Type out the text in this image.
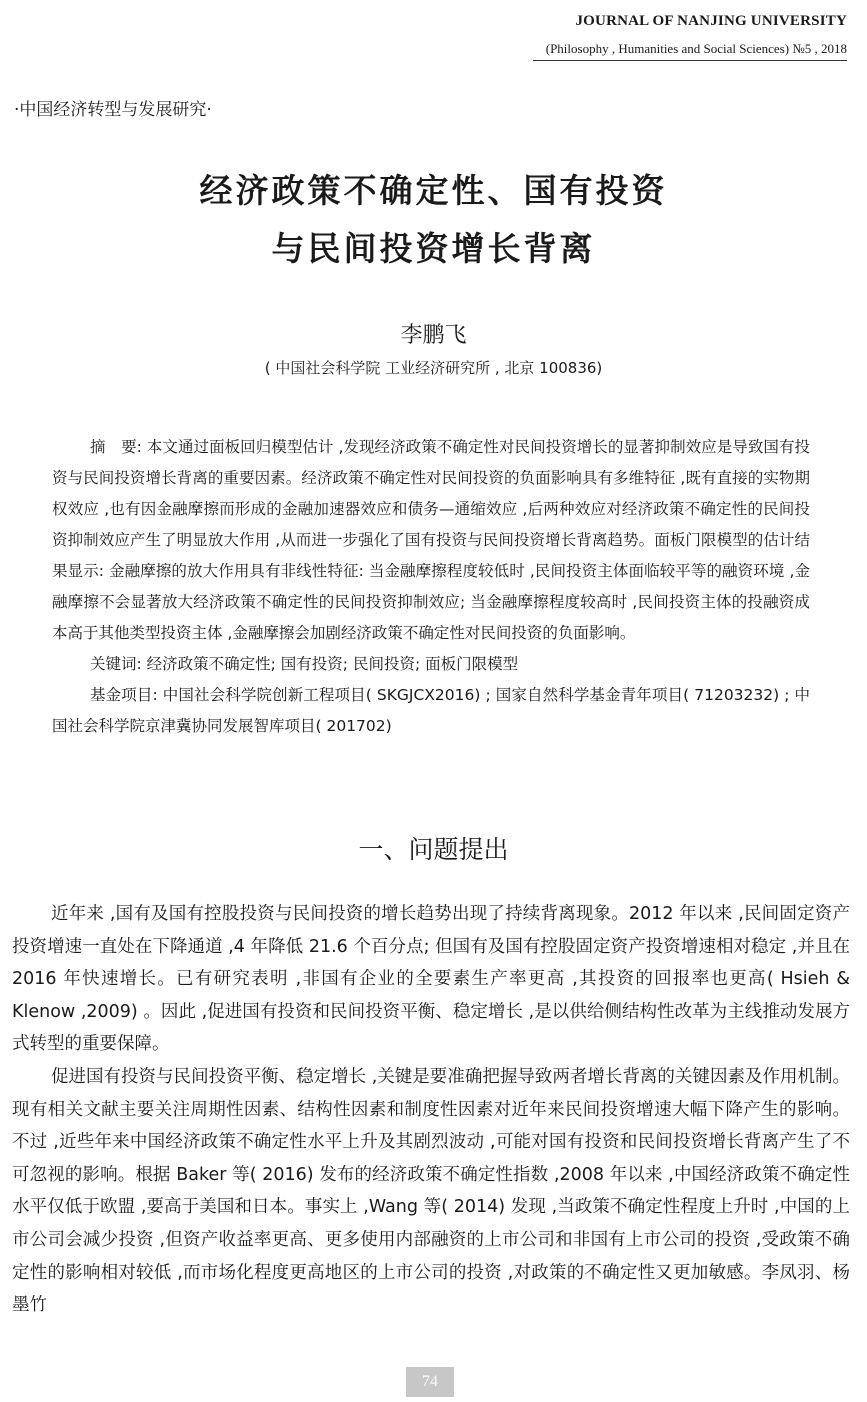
JOURNAL OF NANJING UNIVERSITY
(Philosophy , Humanities and Social Sciences) №5 , 2018
·中国经济转型与发展研究·
经济政策不确定性、国有投资
与民间投资增长背离
李鹏飞
( 中国社会科学院 工业经济研究所 , 北京 100836)

摘　要: 本文通过面板回归模型估计 ,发现经济政策不确定性对民间投资增长的显著抑制效应是导致国有投资与民间投资增长背离的重要因素。经济政策不确定性对民间投资的负面影响具有多维特征 ,既有直接的实物期权效应 ,也有因金融摩擦而形成的金融加速器效应和债务—通缩效应 ,后两种效应对经济政策不确定性的民间投资抑制效应产生了明显放大作用 ,从而进一步强化了国有投资与民间投资增长背离趋势。面板门限模型的估计结果显示: 金融摩擦的放大作用具有非线性特征: 当金融摩擦程度较低时 ,民间投资主体面临较平等的融资环境 ,金融摩擦不会显著放大经济政策不确定性的民间投资抑制效应; 当金融摩擦程度较高时 ,民间投资主体的投融资成本高于其他类型投资主体 ,金融摩擦会加剧经济政策不确定性对民间投资的负面影响。

关键词: 经济政策不确定性; 国有投资; 民间投资; 面板门限模型

基金项目: 中国社会科学院创新工程项目( SKGJCX2016) ; 国家自然科学基金青年项目( 71203232) ; 中国社会科学院京津冀协同发展智库项目( 201702)

一、问题提出

近年来 ,国有及国有控股投资与民间投资的增长趋势出现了持续背离现象。2012 年以来 ,民间固定资产投资增速一直处在下降通道 ,4 年降低 21.6 个百分点; 但国有及国有控股固定资产投资增速相对稳定 ,并且在 2016 年快速增长。已有研究表明 ,非国有企业的全要素生产率更高 ,其投资的回报率也更高( Hsieh & Klenow ,2009) 。因此 ,促进国有投资和民间投资平衡、稳定增长 ,是以供给侧结构性改革为主线推动发展方式转型的重要保障。

促进国有投资与民间投资平衡、稳定增长 ,关键是要准确把握导致两者增长背离的关键因素及作用机制。现有相关文献主要关注周期性因素、结构性因素和制度性因素对近年来民间投资增速大幅下降产生的影响。不过 ,近些年来中国经济政策不确定性水平上升及其剧烈波动 ,可能对国有投资和民间投资增长背离产生了不可忽视的影响。根据 Baker 等( 2016) 发布的经济政策不确定性指数 ,2008 年以来 ,中国经济政策不确定性水平仅低于欧盟 ,要高于美国和日本。事实上 ,Wang 等( 2014) 发现 ,当政策不确定性程度上升时 ,中国的上市公司会减少投资 ,但资产收益率更高、更多使用内部融资的上市公司和非国有上市公司的投资 ,受政策不确定性的影响相对较低 ,而市场化程度更高地区的上市公司的投资 ,对政策的不确定性又更加敏感。李凤羽、杨墨竹

74
